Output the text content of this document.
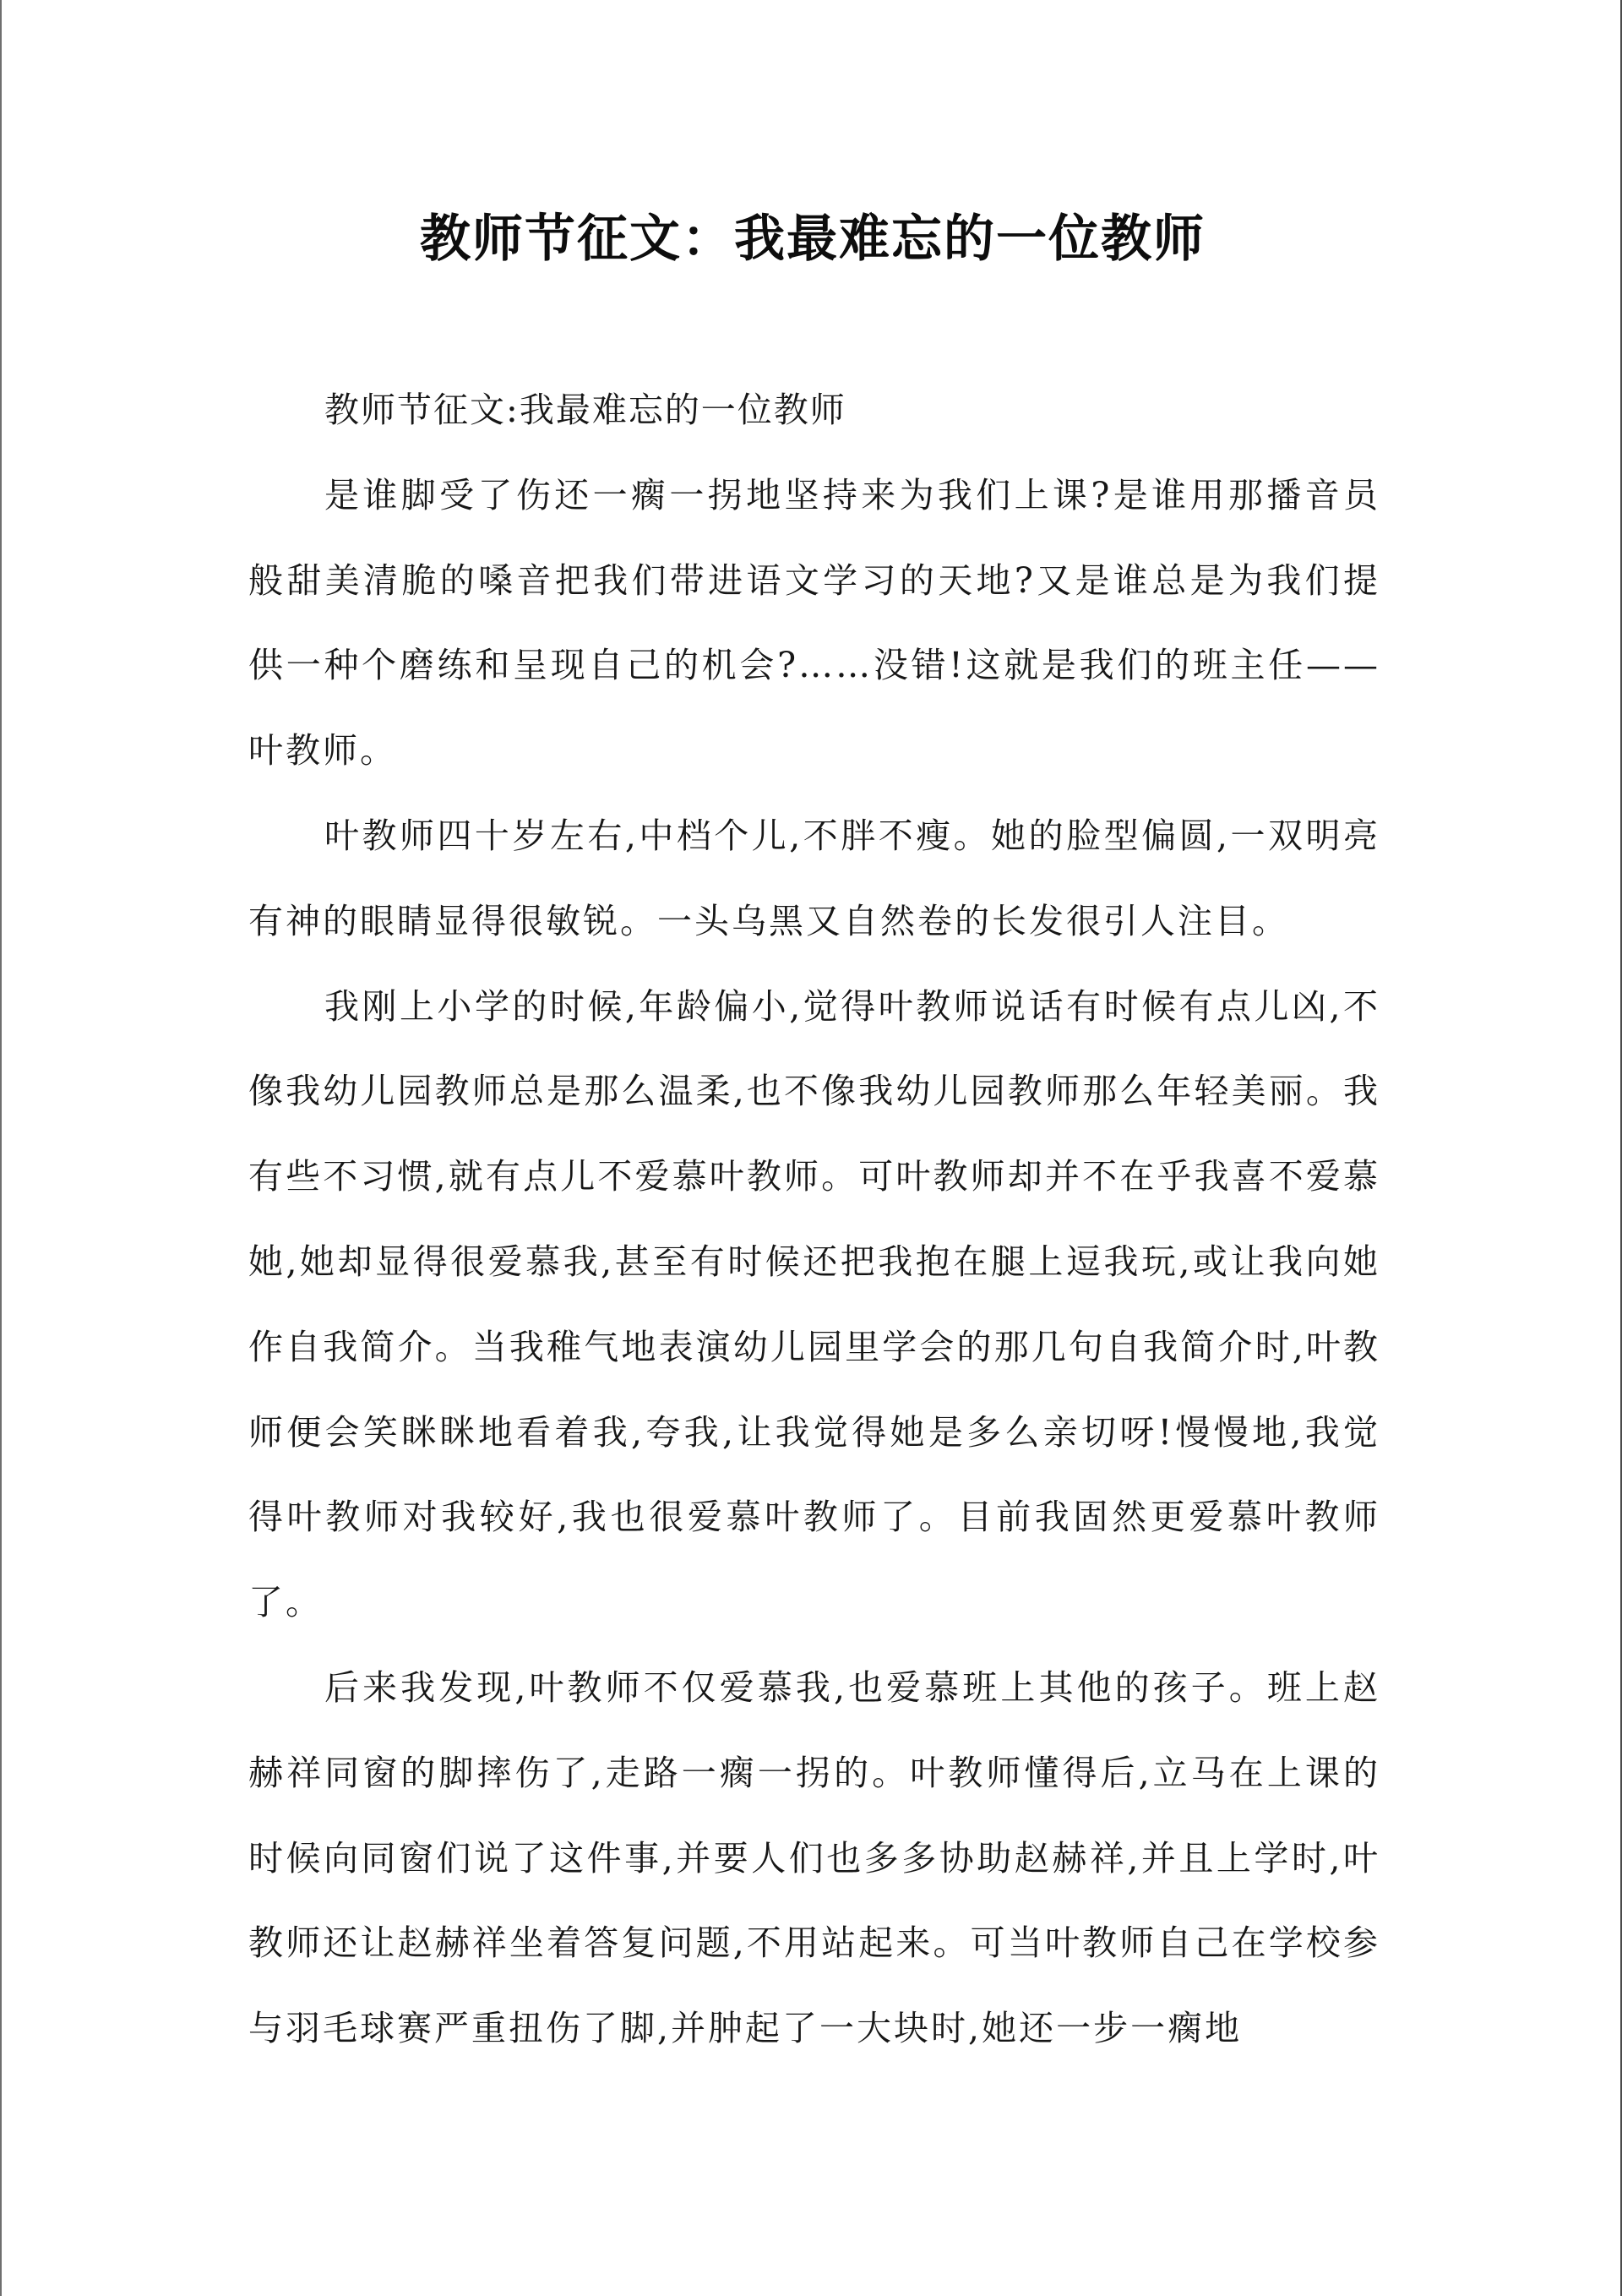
教师节征文：我最难忘的一位教师

教师节征文:我最难忘的一位教师

是谁脚受了伤还一瘸一拐地坚持来为我们上课?是谁用那播音员般甜美清脆的嗓音把我们带进语文学习的天地?又是谁总是为我们提供一种个磨练和呈现自己的机会?……没错!这就是我们的班主任——叶教师。

叶教师四十岁左右,中档个儿,不胖不瘦。她的脸型偏圆,一双明亮有神的眼睛显得很敏锐。一头乌黑又自然卷的长发很引人注目。

我刚上小学的时候,年龄偏小,觉得叶教师说话有时候有点儿凶,不像我幼儿园教师总是那么温柔,也不像我幼儿园教师那么年轻美丽。我有些不习惯,就有点儿不爱慕叶教师。可叶教师却并不在乎我喜不爱慕她,她却显得很爱慕我,甚至有时候还把我抱在腿上逗我玩,或让我向她作自我简介。当我稚气地表演幼儿园里学会的那几句自我简介时,叶教师便会笑眯眯地看着我,夸我,让我觉得她是多么亲切呀!慢慢地,我觉得叶教师对我较好,我也很爱慕叶教师了。目前我固然更爱慕叶教师了。

后来我发现,叶教师不仅爱慕我,也爱慕班上其他的孩子。班上赵赫祥同窗的脚摔伤了,走路一瘸一拐的。叶教师懂得后,立马在上课的时候向同窗们说了这件事,并要人们也多多协助赵赫祥,并且上学时,叶教师还让赵赫祥坐着答复问题,不用站起来。可当叶教师自己在学校参与羽毛球赛严重扭伤了脚,并肿起了一大块时,她还一步一瘸地
